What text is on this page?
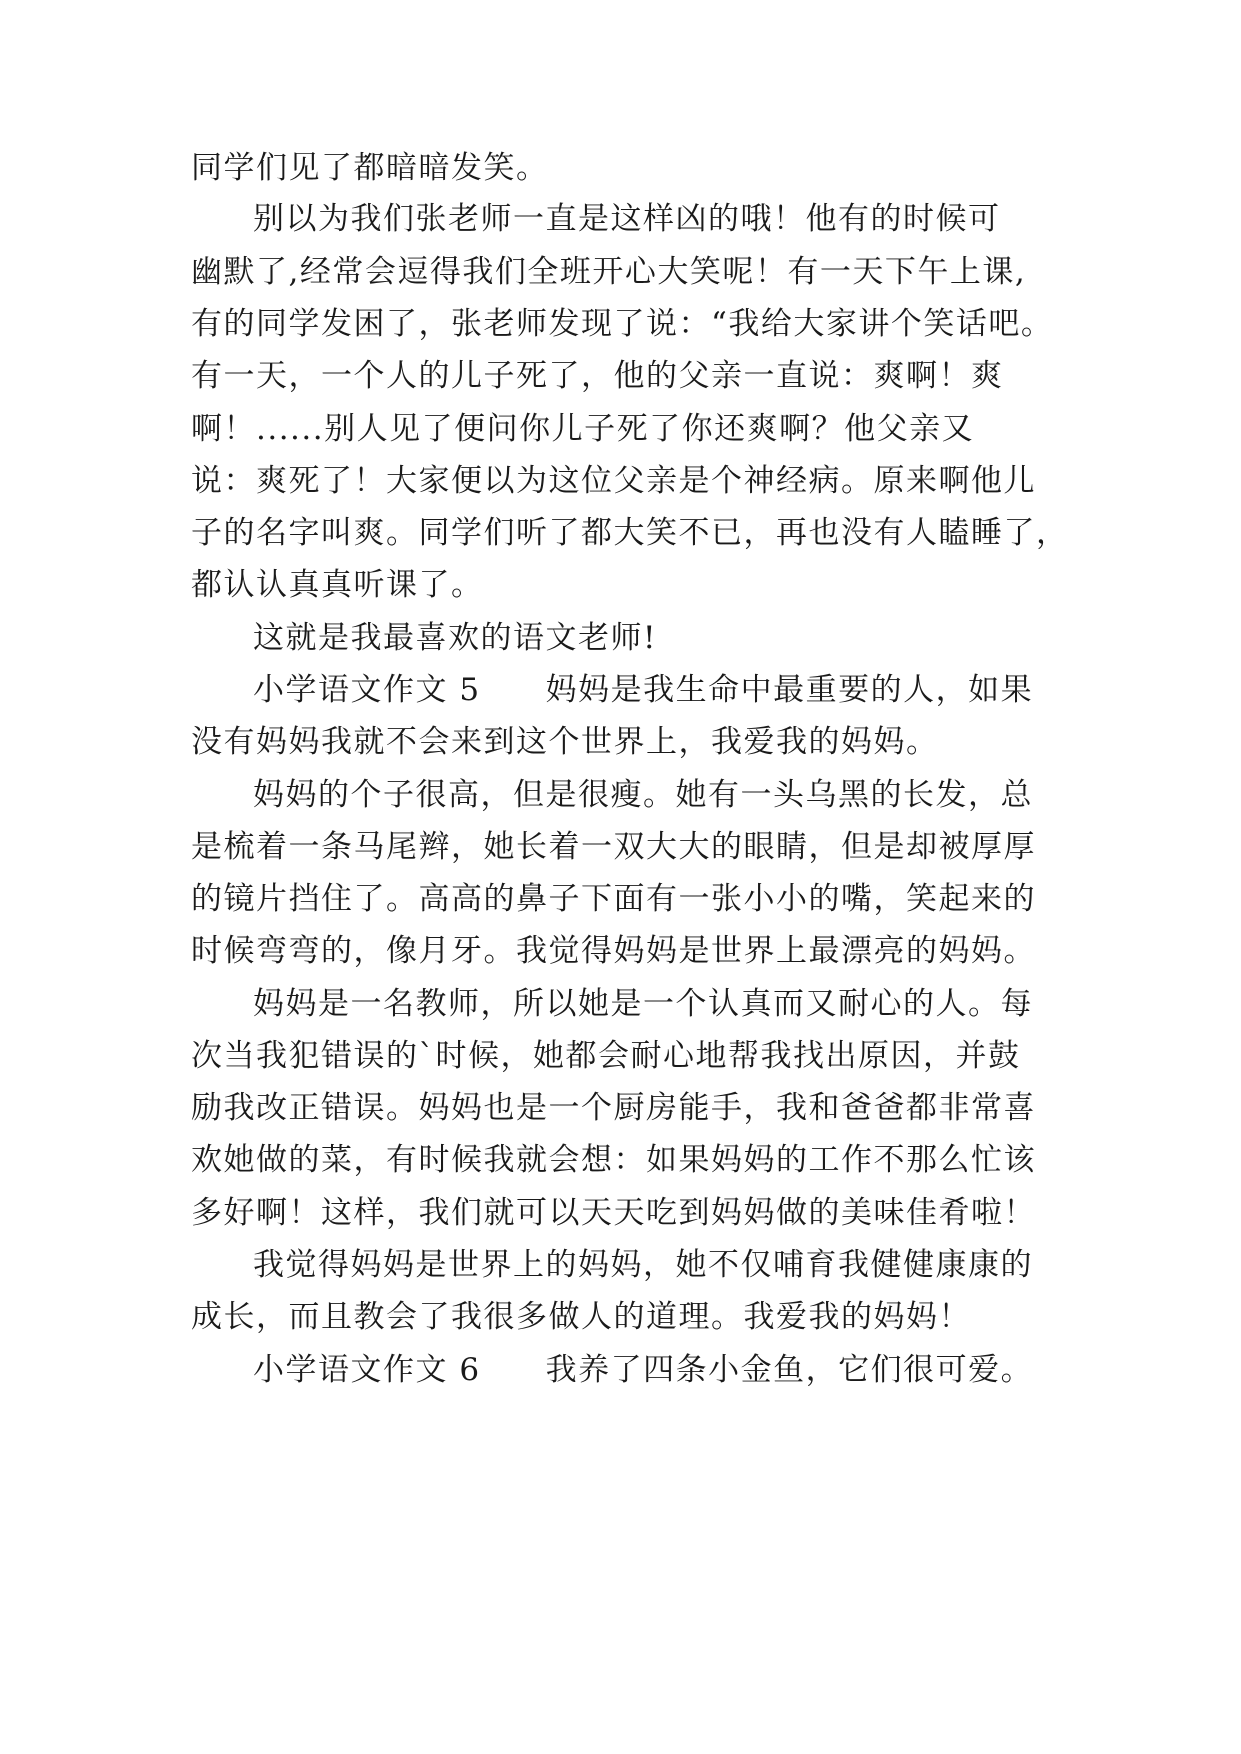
同学们见了都暗暗发笑。
别以为我们张老师一直是这样凶的哦！他有的时候可
幽默了,经常会逗得我们全班开心大笑呢！有一天下午上课,
有的同学发困了，张老师发现了说：“我给大家讲个笑话吧。
有一天，一个人的儿子死了，他的父亲一直说：爽啊！爽
啊！......别人见了便问你儿子死了你还爽啊？他父亲又
说：爽死了！大家便以为这位父亲是个神经病。原来啊他儿
子的名字叫爽。同学们听了都大笑不已，再也没有人瞌睡了，
都认认真真听课了。
这就是我最喜欢的语文老师!
小学语文作文 5　　妈妈是我生命中最重要的人，如果
没有妈妈我就不会来到这个世界上，我爱我的妈妈。
妈妈的个子很高，但是很瘦。她有一头乌黑的长发，总
是梳着一条马尾辫，她长着一双大大的眼睛，但是却被厚厚
的镜片挡住了。高高的鼻子下面有一张小小的嘴，笑起来的
时候弯弯的，像月牙。我觉得妈妈是世界上最漂亮的妈妈。
妈妈是一名教师，所以她是一个认真而又耐心的人。每
次当我犯错误的`时候，她都会耐心地帮我找出原因，并鼓
励我改正错误。妈妈也是一个厨房能手，我和爸爸都非常喜
欢她做的菜，有时候我就会想：如果妈妈的工作不那么忙该
多好啊！这样，我们就可以天天吃到妈妈做的美味佳肴啦！
我觉得妈妈是世界上的妈妈，她不仅哺育我健健康康的
成长，而且教会了我很多做人的道理。我爱我的妈妈！
小学语文作文 6　　我养了四条小金鱼，它们很可爱。
